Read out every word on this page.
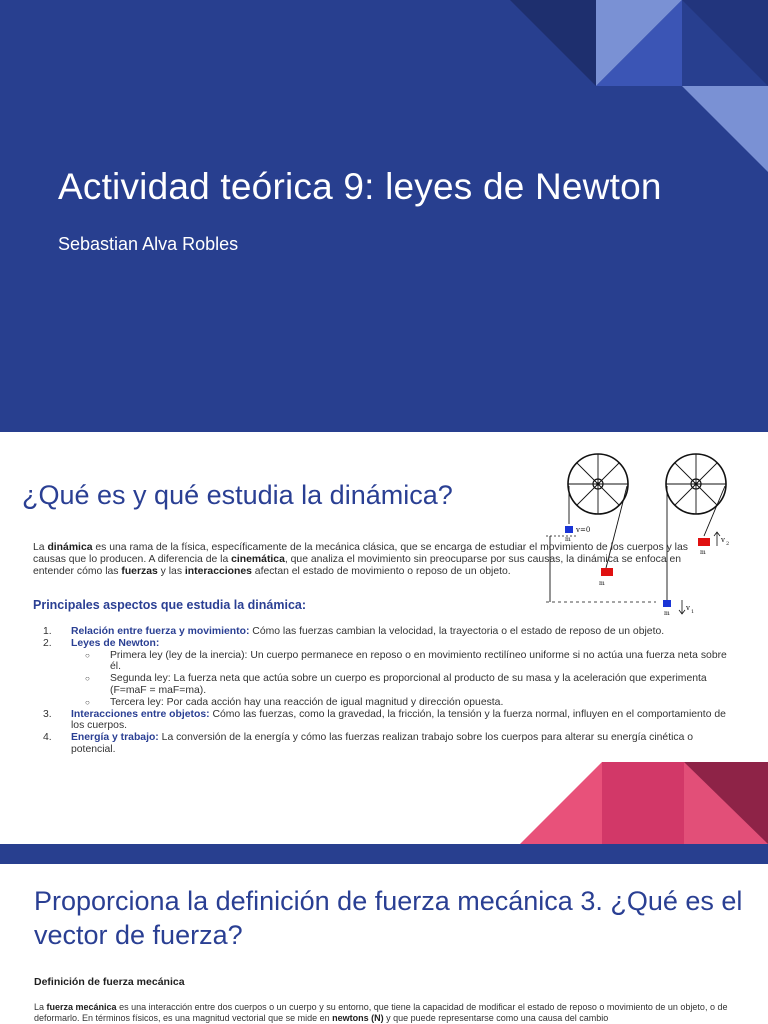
Actividad teórica 9: leyes de Newton
Sebastian Alva Robles
¿Qué es y qué estudia la dinámica?
v=0
m
m
m
m
v 2
v 1
La dinámica es una rama de la física, específicamente de la mecánica clásica, que se encarga de estudiar el movimiento de los cuerpos y las causas que lo producen. A diferencia de la cinemática, que analiza el movimiento sin preocuparse por sus causas, la dinámica se enfoca en entender cómo las fuerzas y las interacciones afectan el estado de movimiento o reposo de un objeto.
Principales aspectos que estudia la dinámica:
1. Relación entre fuerza y movimiento: Cómo las fuerzas cambian la velocidad, la trayectoria o el estado de reposo de un objeto.
2. Leyes de Newton:
○ Primera ley (ley de la inercia): Un cuerpo permanece en reposo o en movimiento rectilíneo uniforme si no actúa una fuerza neta sobre él.
○ Segunda ley: La fuerza neta que actúa sobre un cuerpo es proporcional al producto de su masa y la aceleración que experimenta (F=maF = maF=ma).
○ Tercera ley: Por cada acción hay una reacción de igual magnitud y dirección opuesta.
3. Interacciones entre objetos: Cómo las fuerzas, como la gravedad, la fricción, la tensión y la fuerza normal, influyen en el comportamiento de los cuerpos.
4. Energía y trabajo: La conversión de la energía y cómo las fuerzas realizan trabajo sobre los cuerpos para alterar su energía cinética o potencial.
Proporciona la definición de fuerza mecánica 3. ¿Qué es el vector de fuerza?
Definición de fuerza mecánica
La fuerza mecánica es una interacción entre dos cuerpos o un cuerpo y su entorno, que tiene la capacidad de modificar el estado de reposo o movimiento de un objeto, o de deformarlo. En términos físicos, es una magnitud vectorial que se mide en newtons (N) y que puede representarse como una causa del cambio
